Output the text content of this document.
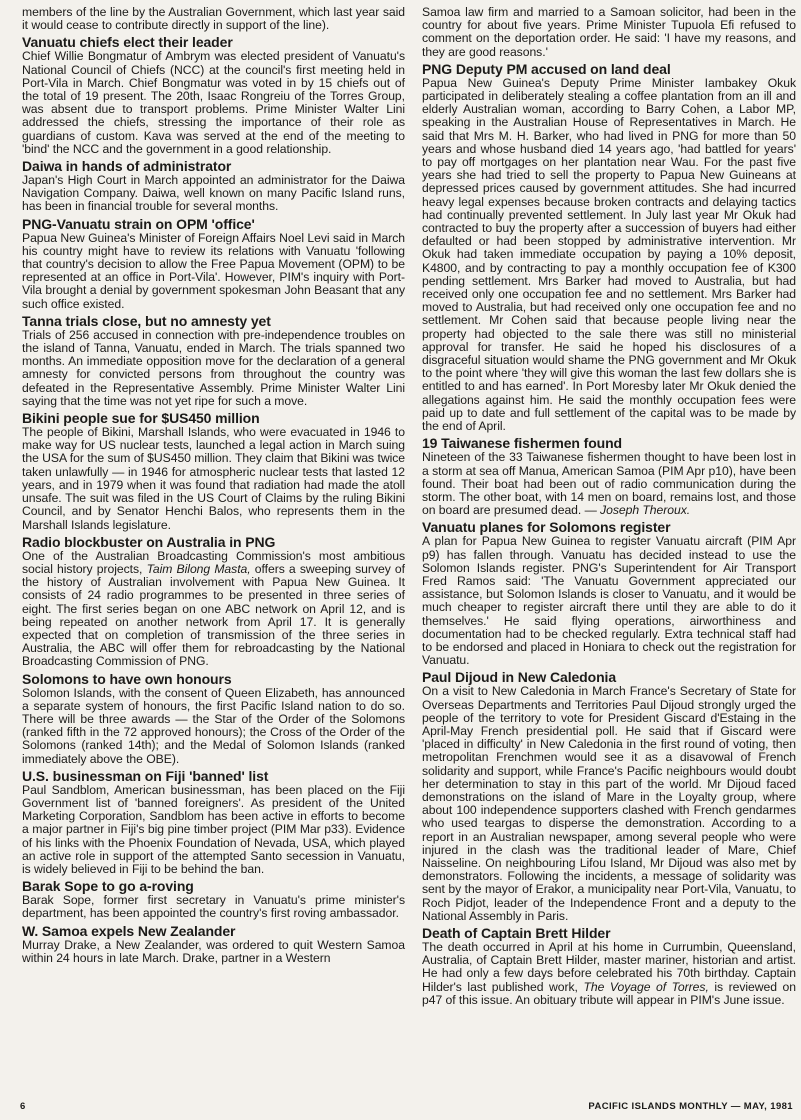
members of the line by the Australian Government, which last year said it would cease to contribute directly in support of the line).

Vanuatu chiefs elect their leader

Chief Willie Bongmatur of Ambrym was elected president of Vanuatu's National Council of Chiefs (NCC) at the council's first meeting held in Port-Vila in March. Chief Bongmatur was voted in by 15 chiefs out of the total of 19 present. The 20th, Isaac Rongreiu of the Torres Group, was absent due to transport problems. Prime Minister Walter Lini addressed the chiefs, stressing the importance of their role as guardians of custom. Kava was served at the end of the meeting to 'bind' the NCC and the government in a good relationship.

Daiwa in hands of administrator

Japan's High Court in March appointed an administrator for the Daiwa Navigation Company. Daiwa, well known on many Pacific Island runs, has been in financial trouble for several months.

PNG-Vanuatu strain on OPM 'office'

Papua New Guinea's Minister of Foreign Affairs Noel Levi said in March his country might have to review its relations with Vanuatu 'following that country's decision to allow the Free Papua Movement (OPM) to be represented at an office in Port-Vila'. However, PIM's inquiry with Port-Vila brought a denial by government spokesman John Beasant that any such office existed.

Tanna trials close, but no amnesty yet

Trials of 256 accused in connection with pre-independence troubles on the island of Tanna, Vanuatu, ended in March. The trials spanned two months. An immediate opposition move for the declaration of a general amnesty for convicted persons from throughout the country was defeated in the Representative Assembly. Prime Minister Walter Lini saying that the time was not yet ripe for such a move.

Bikini people sue for $US450 million

The people of Bikini, Marshall Islands, who were evacuated in 1946 to make way for US nuclear tests, launched a legal action in March suing the USA for the sum of $US450 million. They claim that Bikini was twice taken unlawfully — in 1946 for atmospheric nuclear tests that lasted 12 years, and in 1979 when it was found that radiation had made the atoll unsafe. The suit was filed in the US Court of Claims by the ruling Bikini Council, and by Senator Henchi Balos, who represents them in the Marshall Islands legislature.

Radio blockbuster on Australia in PNG

One of the Australian Broadcasting Commission's most ambitious social history projects, Taim Bilong Masta, offers a sweeping survey of the history of Australian involvement with Papua New Guinea. It consists of 24 radio programmes to be presented in three series of eight. The first series began on one ABC network on April 12, and is being repeated on another network from April 17. It is generally expected that on completion of transmission of the three series in Australia, the ABC will offer them for rebroadcasting by the National Broadcasting Commission of PNG.

Solomons to have own honours

Solomon Islands, with the consent of Queen Elizabeth, has announced a separate system of honours, the first Pacific Island nation to do so. There will be three awards — the Star of the Order of the Solomons (ranked fifth in the 72 approved honours); the Cross of the Order of the Solomons (ranked 14th); and the Medal of Solomon Islands (ranked immediately above the OBE).

U.S. businessman on Fiji 'banned' list

Paul Sandblom, American businessman, has been placed on the Fiji Government list of 'banned foreigners'. As president of the United Marketing Corporation, Sandblom has been active in efforts to become a major partner in Fiji's big pine timber project (PIM Mar p33). Evidence of his links with the Phoenix Foundation of Nevada, USA, which played an active role in support of the attempted Santo secession in Vanuatu, is widely believed in Fiji to be behind the ban.

Barak Sope to go a-roving

Barak Sope, former first secretary in Vanuatu's prime minister's department, has been appointed the country's first roving ambassador.

W. Samoa expels New Zealander

Murray Drake, a New Zealander, was ordered to quit Western Samoa within 24 hours in late March. Drake, partner in a Western

Samoa law firm and married to a Samoan solicitor, had been in the country for about five years. Prime Minister Tupuola Efi refused to comment on the deportation order. He said: 'I have my reasons, and they are good reasons.'

PNG Deputy PM accused on land deal

Papua New Guinea's Deputy Prime Minister Iambakey Okuk participated in deliberately stealing a coffee plantation from an ill and elderly Australian woman, according to Barry Cohen, a Labor MP, speaking in the Australian House of Representatives in March. He said that Mrs M. H. Barker, who had lived in PNG for more than 50 years and whose husband died 14 years ago, 'had battled for years' to pay off mortgages on her plantation near Wau. For the past five years she had tried to sell the property to Papua New Guineans at depressed prices caused by government attitudes. She had incurred heavy legal expenses because broken contracts and delaying tactics had continually prevented settlement. In July last year Mr Okuk had contracted to buy the property after a succession of buyers had either defaulted or had been stopped by administrative intervention. Mr Okuk had taken immediate occupation by paying a 10% deposit, K4800, and by contracting to pay a monthly occupation fee of K300 pending settlement. Mrs Barker had moved to Australia, but had received only one occupation fee and no settlement. Mrs Barker had moved to Australia, but had received only one occupation fee and no settlement. Mr Cohen said that because people living near the property had objected to the sale there was still no ministerial approval for transfer. He said he hoped his disclosures of a disgraceful situation would shame the PNG government and Mr Okuk to the point where 'they will give this woman the last few dollars she is entitled to and has earned'. In Port Moresby later Mr Okuk denied the allegations against him. He said the monthly occupation fees were paid up to date and full settlement of the capital was to be made by the end of April.

19 Taiwanese fishermen found

Nineteen of the 33 Taiwanese fishermen thought to have been lost in a storm at sea off Manua, American Samoa (PIM Apr p10), have been found. Their boat had been out of radio communication during the storm. The other boat, with 14 men on board, remains lost, and those on board are presumed dead. — Joseph Theroux.

Vanuatu planes for Solomons register

A plan for Papua New Guinea to register Vanuatu aircraft (PIM Apr p9) has fallen through. Vanuatu has decided instead to use the Solomon Islands register. PNG's Superintendent for Air Transport Fred Ramos said: 'The Vanuatu Government appreciated our assistance, but Solomon Islands is closer to Vanuatu, and it would be much cheaper to register aircraft there until they are able to do it themselves.' He said flying operations, airworthiness and documentation had to be checked regularly. Extra technical staff had to be endorsed and placed in Honiara to check out the registration for Vanuatu.

Paul Dijoud in New Caledonia

On a visit to New Caledonia in March France's Secretary of State for Overseas Departments and Territories Paul Dijoud strongly urged the people of the territory to vote for President Giscard d'Estaing in the April-May French presidential poll. He said that if Giscard were 'placed in difficulty' in New Caledonia in the first round of voting, then metropolitan Frenchmen would see it as a disavowal of French solidarity and support, while France's Pacific neighbours would doubt her determination to stay in this part of the world. Mr Dijoud faced demonstrations on the island of Mare in the Loyalty group, where about 100 independence supporters clashed with French gendarmes who used teargas to disperse the demonstration. According to a report in an Australian newspaper, among several people who were injured in the clash was the traditional leader of Mare, Chief Naisseline. On neighbouring Lifou Island, Mr Dijoud was also met by demonstrators. Following the incidents, a message of solidarity was sent by the mayor of Erakor, a municipality near Port-Vila, Vanuatu, to Roch Pidjot, leader of the Independence Front and a deputy to the National Assembly in Paris.

Death of Captain Brett Hilder

The death occurred in April at his home in Currumbin, Queensland, Australia, of Captain Brett Hilder, master mariner, historian and artist. He had only a few days before celebrated his 70th birthday. Captain Hilder's last published work, The Voyage of Torres, is reviewed on p47 of this issue. An obituary tribute will appear in PIM's June issue.

6	PACIFIC ISLANDS MONTHLY — MAY, 1981
